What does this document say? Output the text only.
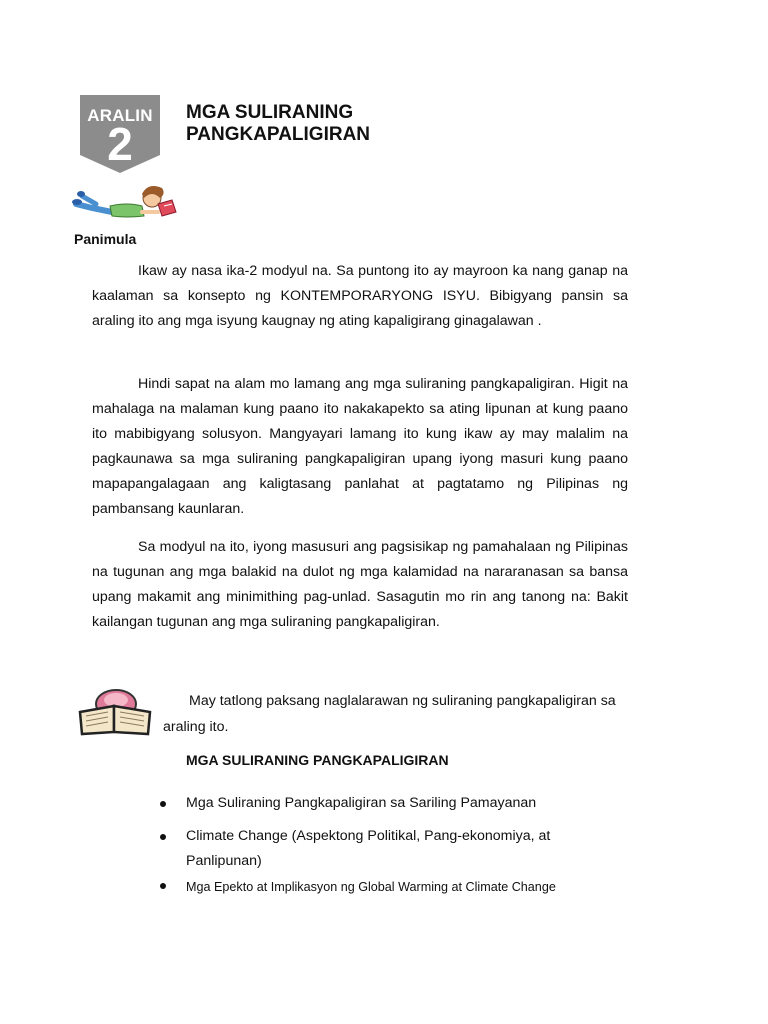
ARALIN
2
MGA SULIRANING
PANGKAPALIGIRAN
Panimula

Ikaw ay nasa ika-2 modyul na. Sa puntong ito ay mayroon ka nang ganap na kaalaman sa konsepto ng KONTEMPORARYONG ISYU. Bibigyang pansin sa araling ito ang mga isyung kaugnay ng ating kapaligirang ginagalawan .

Hindi sapat na alam mo lamang ang mga suliraning pangkapaligiran. Higit na mahalaga na malaman kung paano ito nakakapekto sa ating lipunan at kung paano ito mabibigyang solusyon. Mangyayari lamang ito kung ikaw ay may malalim na pagkaunawa sa mga suliraning pangkapaligiran upang iyong masuri kung paano mapapangalagaan ang kaligtasang panlahat at pagtatamo ng Pilipinas ng pambansang kaunlaran.

Sa modyul na ito, iyong masusuri ang pagsisikap ng pamahalaan ng Pilipinas na tugunan ang mga balakid na dulot ng mga kalamidad na nararanasan sa bansa upang makamit ang minimithing pag-unlad. Sasagutin mo rin ang tanong na: Bakit kailangan tugunan ang mga suliraning pangkapaligiran.

May tatlong paksang naglalarawan ng suliraning pangkapaligiran sa araling ito.

MGA SULIRANING PANGKAPALIGIRAN
Mga Suliraning Pangkapaligiran sa Sariling Pamayanan
Climate Change (Aspektong Politikal, Pang-ekonomiya, at Panlipunan)
Mga Epekto at Implikasyon ng Global Warming at Climate Change
